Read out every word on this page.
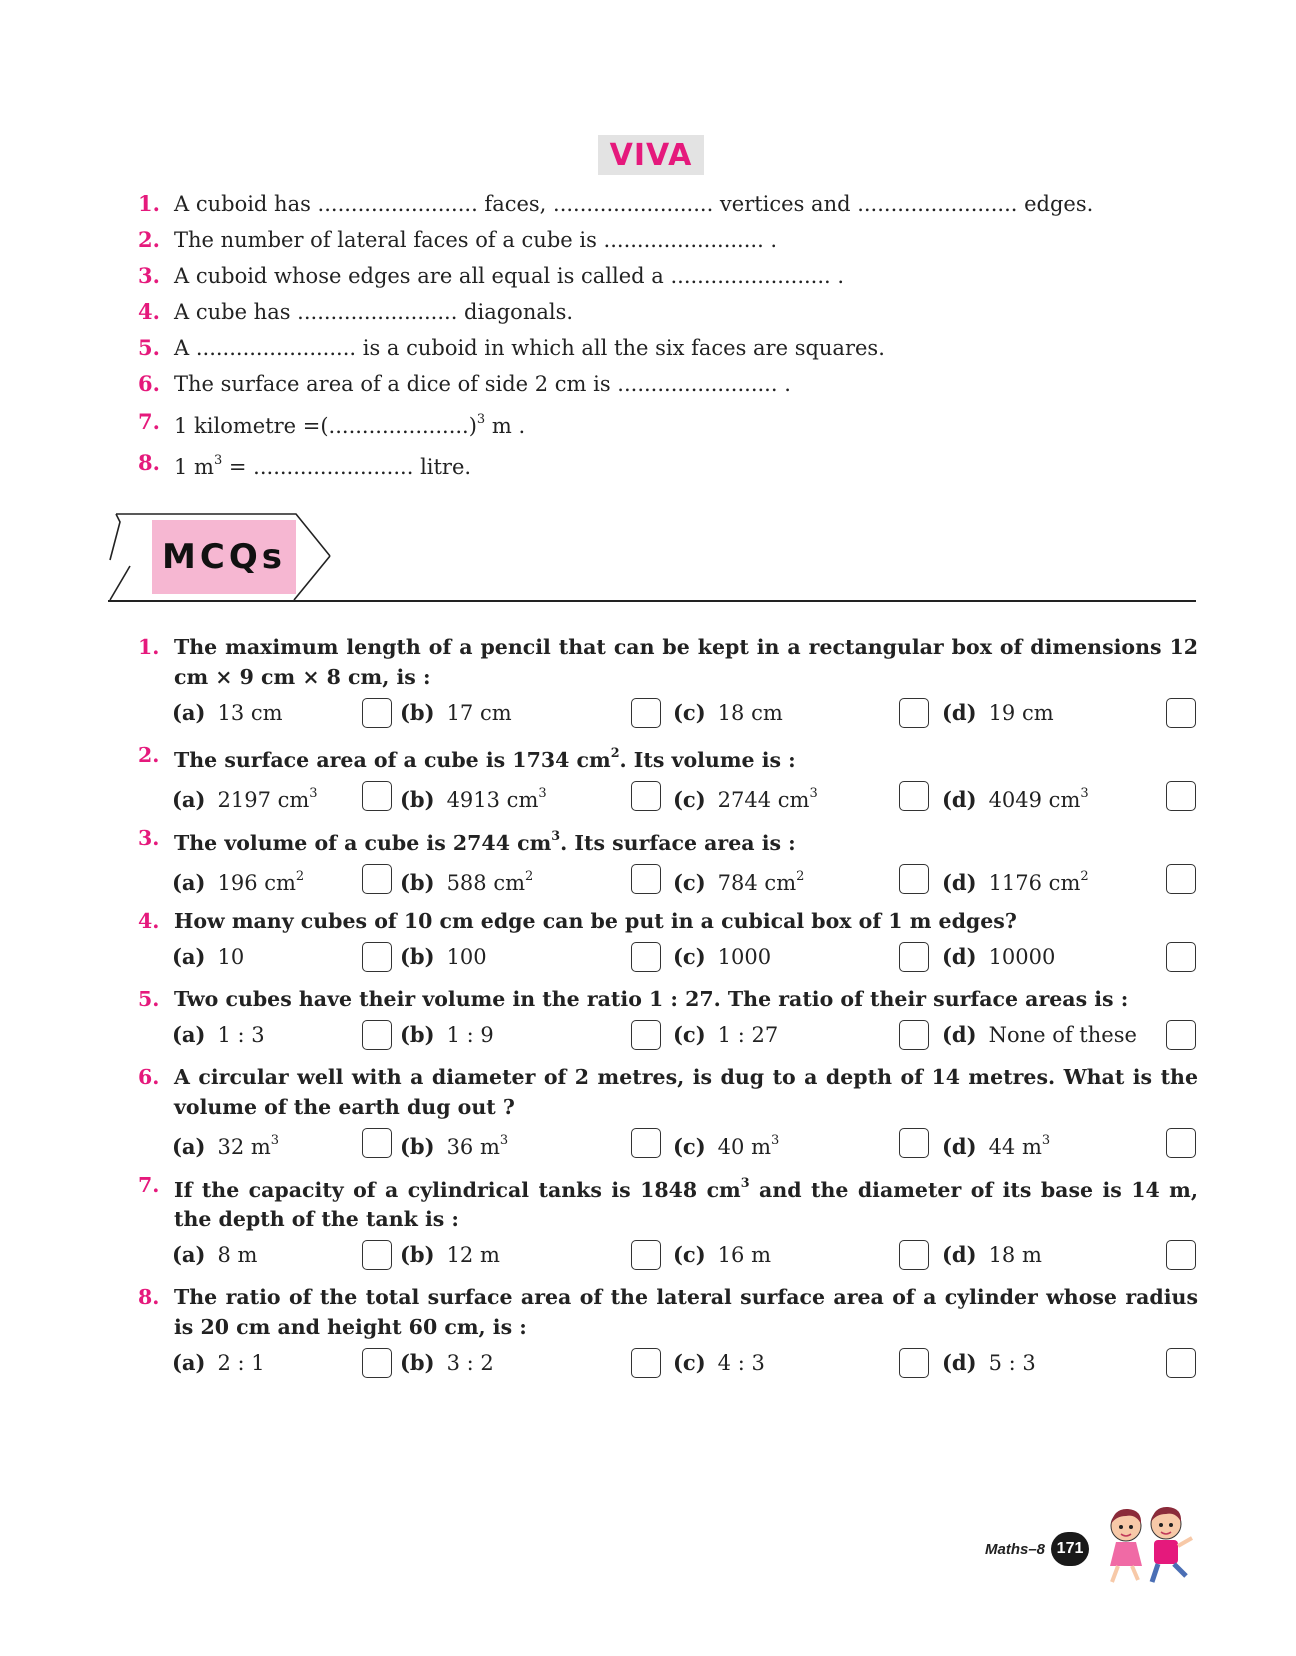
VIVA
1. A cuboid has ........................ faces, ........................ vertices and ........................ edges.
2. The number of lateral faces of a cube is ........................ .
3. A cuboid whose edges are all equal is called a ........................ .
4. A cube has ........................ diagonals.
5. A ........................ is a cuboid in which all the six faces are squares.
6. The surface area of a dice of side 2 cm is ........................ .
7. 1 kilometre =(.....................)$^3$ m .
8. 1 $m^3$ = ........................ litre.
MCQs
1. The maximum length of a pencil that can be kept in a rectangular box of dimensions 12 cm × 9 cm × 8 cm, is :
(a) 13 cm	(b) 17 cm	(c) 18 cm	(d) 19 cm
2. The surface area of a cube is 1734 $cm^2$. Its volume is :
(a) 2197 $cm^3$	(b) 4913 $cm^3$	(c) 2744 $cm^3$	(d) 4049 $cm^3$
3. The volume of a cube is 2744 $cm^3$. Its surface area is :
(a) 196 $cm^2$	(b) 588 $cm^2$	(c) 784 $cm^2$	(d) 1176 $cm^2$
4. How many cubes of 10 cm edge can be put in a cubical box of 1 m edges?
(a) 10	(b) 100	(c) 1000	(d) 10000
5. Two cubes have their volume in the ratio 1 : 27. The ratio of their surface areas is :
(a) 1 : 3	(b) 1 : 9	(c) 1 : 27	(d) None of these
6. A circular well with a diameter of 2 metres, is dug to a depth of 14 metres. What is the volume of the earth dug out ?
(a) 32 $m^3$	(b) 36 $m^3$	(c) 40 $m^3$	(d) 44 $m^3$
7. If the capacity of a cylindrical tanks is 1848 $cm^3$ and the diameter of its base is 14 m, the depth of the tank is :
(a) 8 m	(b) 12 m	(c) 16 m	(d) 18 m
8. The ratio of the total surface area of the lateral surface area of a cylinder whose radius is 20 cm and height 60 cm, is :
(a) 2 : 1	(b) 3 : 2	(c) 4 : 3	(d) 5 : 3
Maths–8 171
